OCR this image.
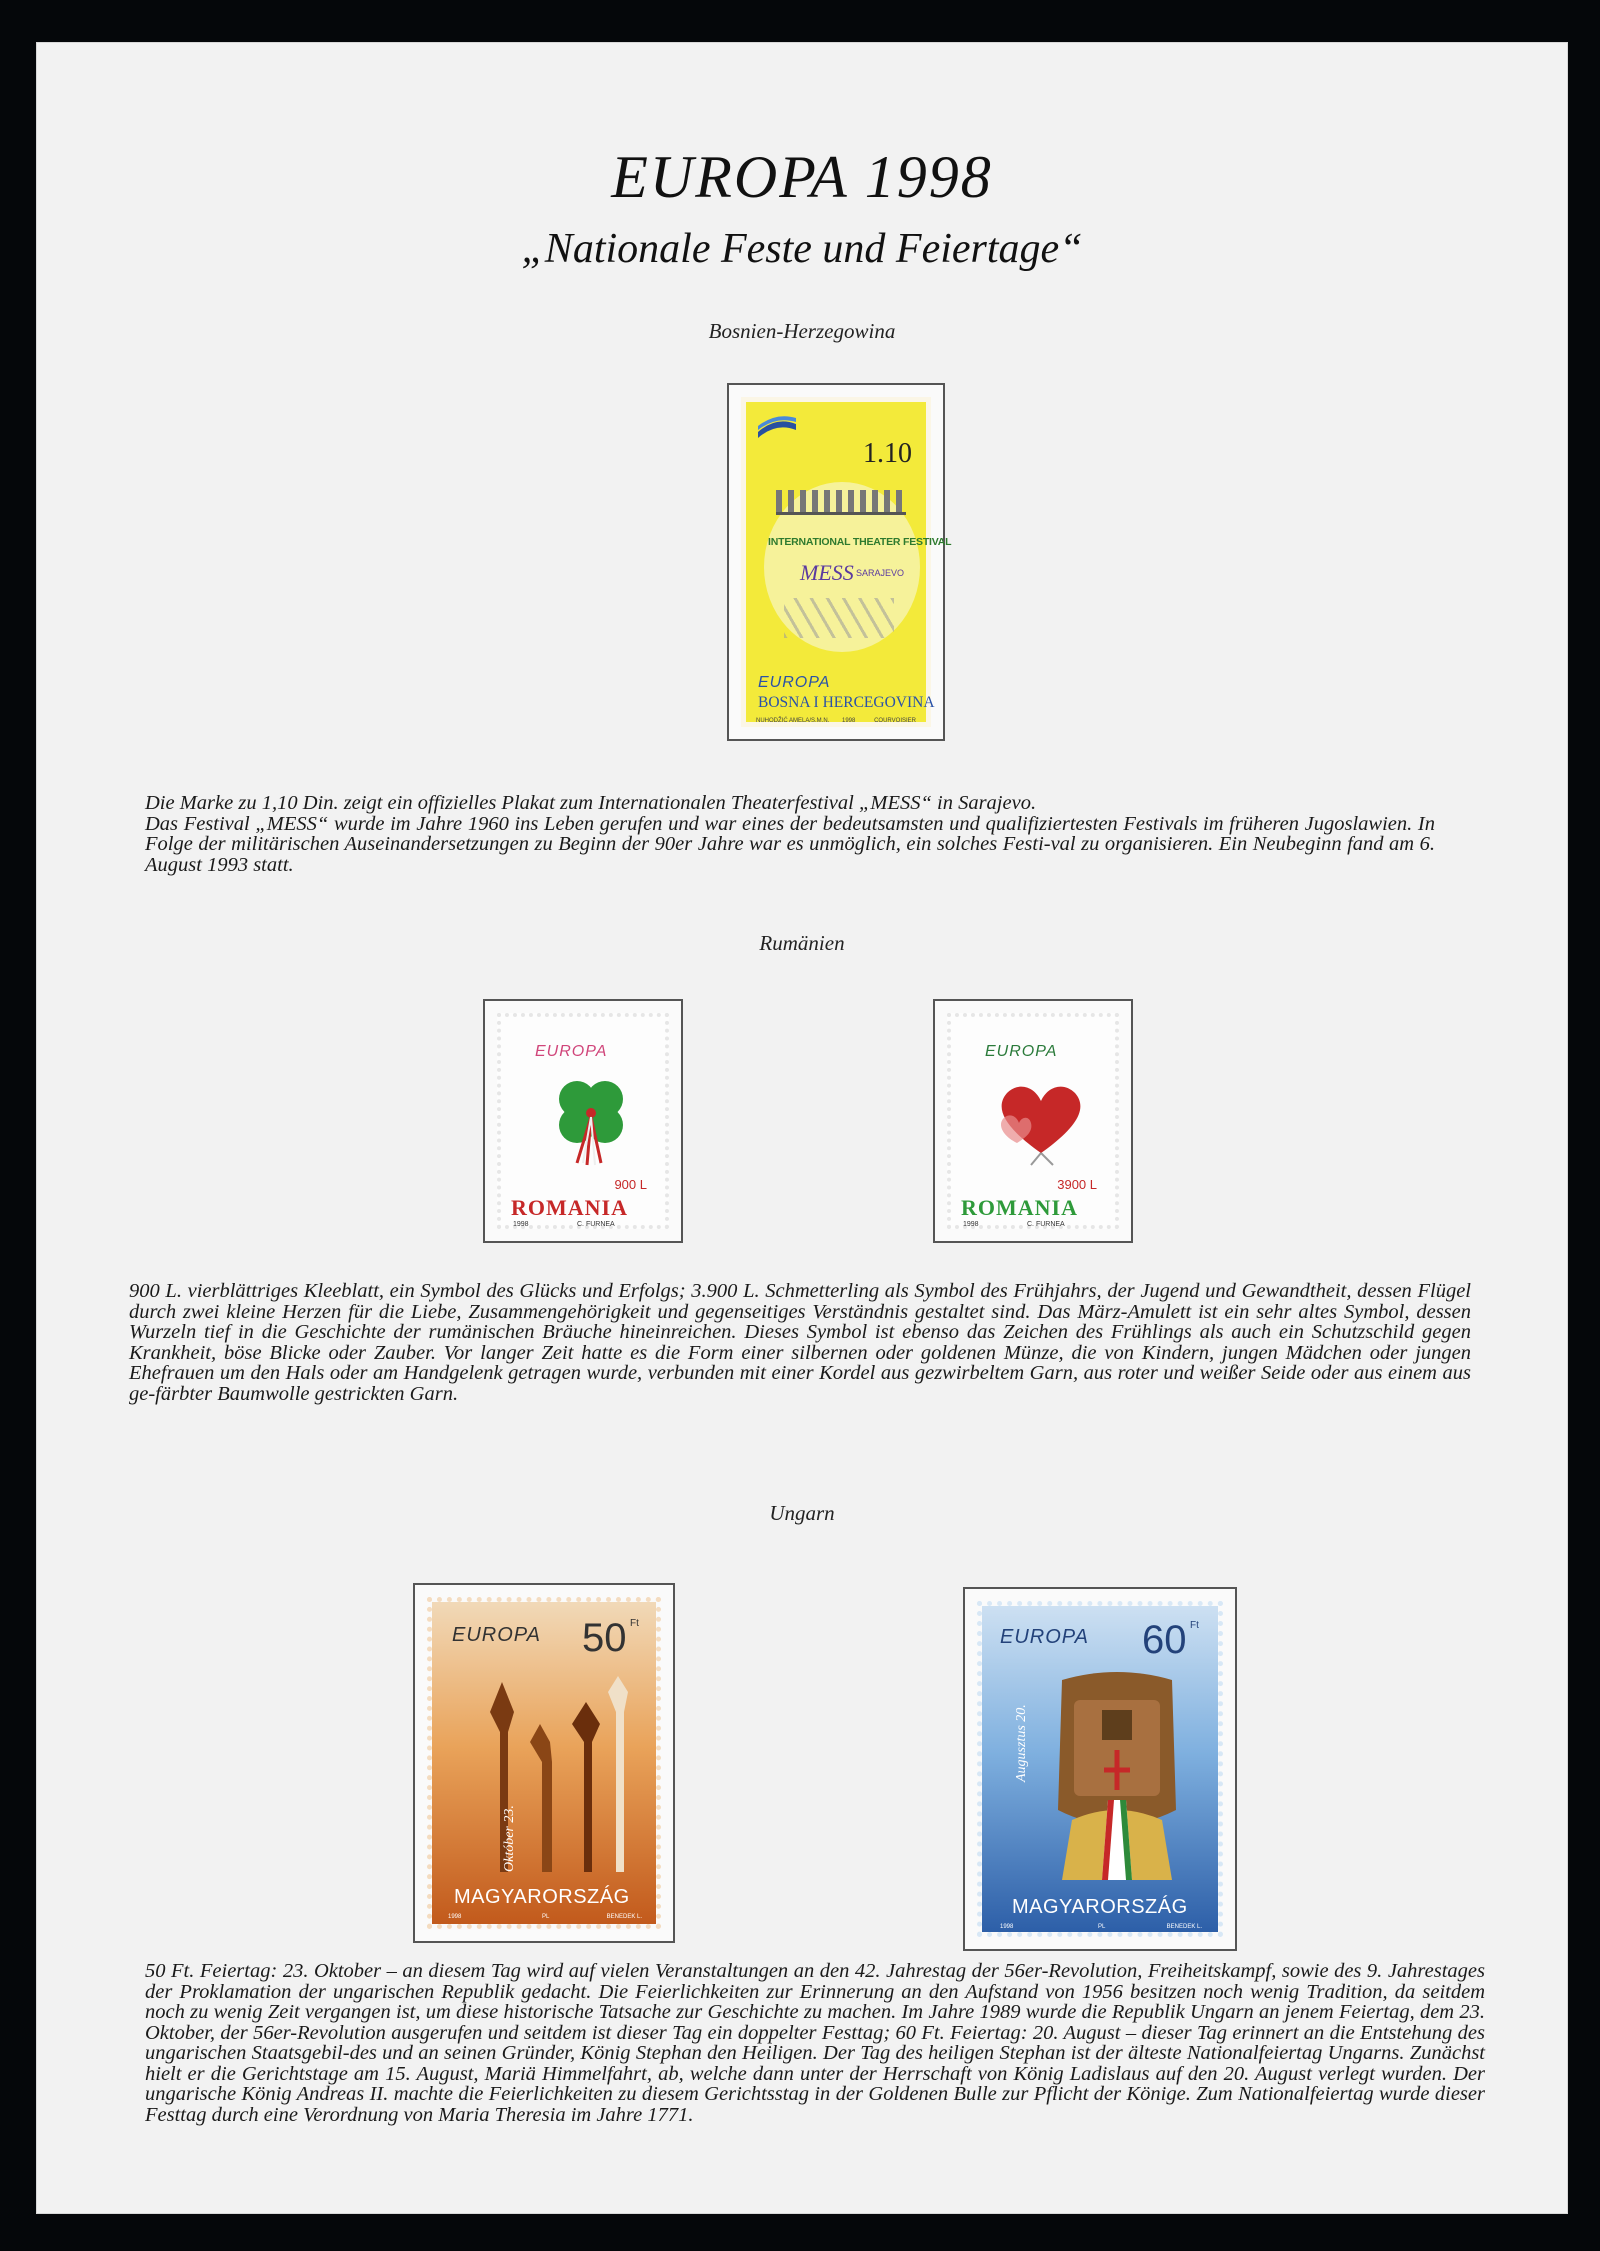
EUROPA 1998
„Nationale Feste und Feiertage“
Bosnien-Herzegowina
1.10
INTERNATIONAL THEATER FESTIVAL
MESS SARAJEVO
EUROPA
BOSNA I HERCEGOVINA
NUHODŽIĆ AMELA/S.M.N. 1998	COURVOISIER
Die Marke zu 1,10 Din. zeigt ein offizielles Plakat zum Internationalen Theaterfestival „MESS“ in Sarajevo.
Das Festival „MESS“ wurde im Jahre 1960 ins Leben gerufen und war eines der bedeutsamsten und qualifiziertesten Festivals im früheren Jugoslawien. In Folge der militärischen Auseinandersetzungen zu Beginn der 90er Jahre war es unmöglich, ein solches Festi-val zu organisieren. Ein Neubeginn fand am 6. August 1993 statt.
Rumänien
EUROPA
900 L
ROMANIA
1998	C. FURNEA
EUROPA
3900 L
ROMANIA
1998	C. FURNEA
900 L. vierblättriges Kleeblatt, ein Symbol des Glücks und Erfolgs; 3.900 L. Schmetterling als Symbol des Frühjahrs, der Jugend und Gewandtheit, dessen Flügel durch zwei kleine Herzen für die Liebe, Zusammengehörigkeit und gegenseitiges Verständnis gestaltet sind. Das März-Amulett ist ein sehr altes Symbol, dessen Wurzeln tief in die Geschichte der rumänischen Bräuche hineinreichen. Dieses Symbol ist ebenso das Zeichen des Frühlings als auch ein Schutzschild gegen Krankheit, böse Blicke oder Zauber. Vor langer Zeit hatte es die Form einer silbernen oder goldenen Münze, die von Kindern, jungen Mädchen oder jungen Ehefrauen um den Hals oder am Handgelenk getragen wurde, verbunden mit einer Kordel aus gezwirbeltem Garn, aus roter und weißer Seide oder aus einem aus ge-färbter Baumwolle gestrickten Garn.
Ungarn
EUROPA 50 Ft
Október 23.
MAGYARORSZÁG
1998	PL	BENEDEK L.
EUROPA 60 Ft
Augusztus 20.
MAGYARORSZÁG
1998	PL	BENEDEK L.
50 Ft. Feiertag: 23. Oktober – an diesem Tag wird auf vielen Veranstaltungen an den 42. Jahrestag der 56er-Revolution, Freiheitskampf, sowie des 9. Jahrestages der Proklamation der ungarischen Republik gedacht. Die Feierlichkeiten zur Erinnerung an den Aufstand von 1956 besitzen noch wenig Tradition, da seitdem noch zu wenig Zeit vergangen ist, um diese historische Tatsache zur Geschichte zu machen. Im Jahre 1989 wurde die Republik Ungarn an jenem Feiertag, dem 23. Oktober, der 56er-Revolution ausgerufen und seitdem ist dieser Tag ein doppelter Festtag; 60 Ft. Feiertag: 20. August – dieser Tag erinnert an die Entstehung des ungarischen Staatsgebil-des und an seinen Gründer, König Stephan den Heiligen. Der Tag des heiligen Stephan ist der älteste Nationalfeiertag Ungarns. Zunächst hielt er die Gerichtstage am 15. August, Mariä Himmelfahrt, ab, welche dann unter der Herrschaft von König Ladislaus auf den 20. August verlegt wurden. Der ungarische König Andreas II. machte die Feierlichkeiten zu diesem Gerichtsstag in der Goldenen Bulle zur Pflicht der Könige. Zum Nationalfeiertag wurde dieser Festtag durch eine Verordnung von Maria Theresia im Jahre 1771.
